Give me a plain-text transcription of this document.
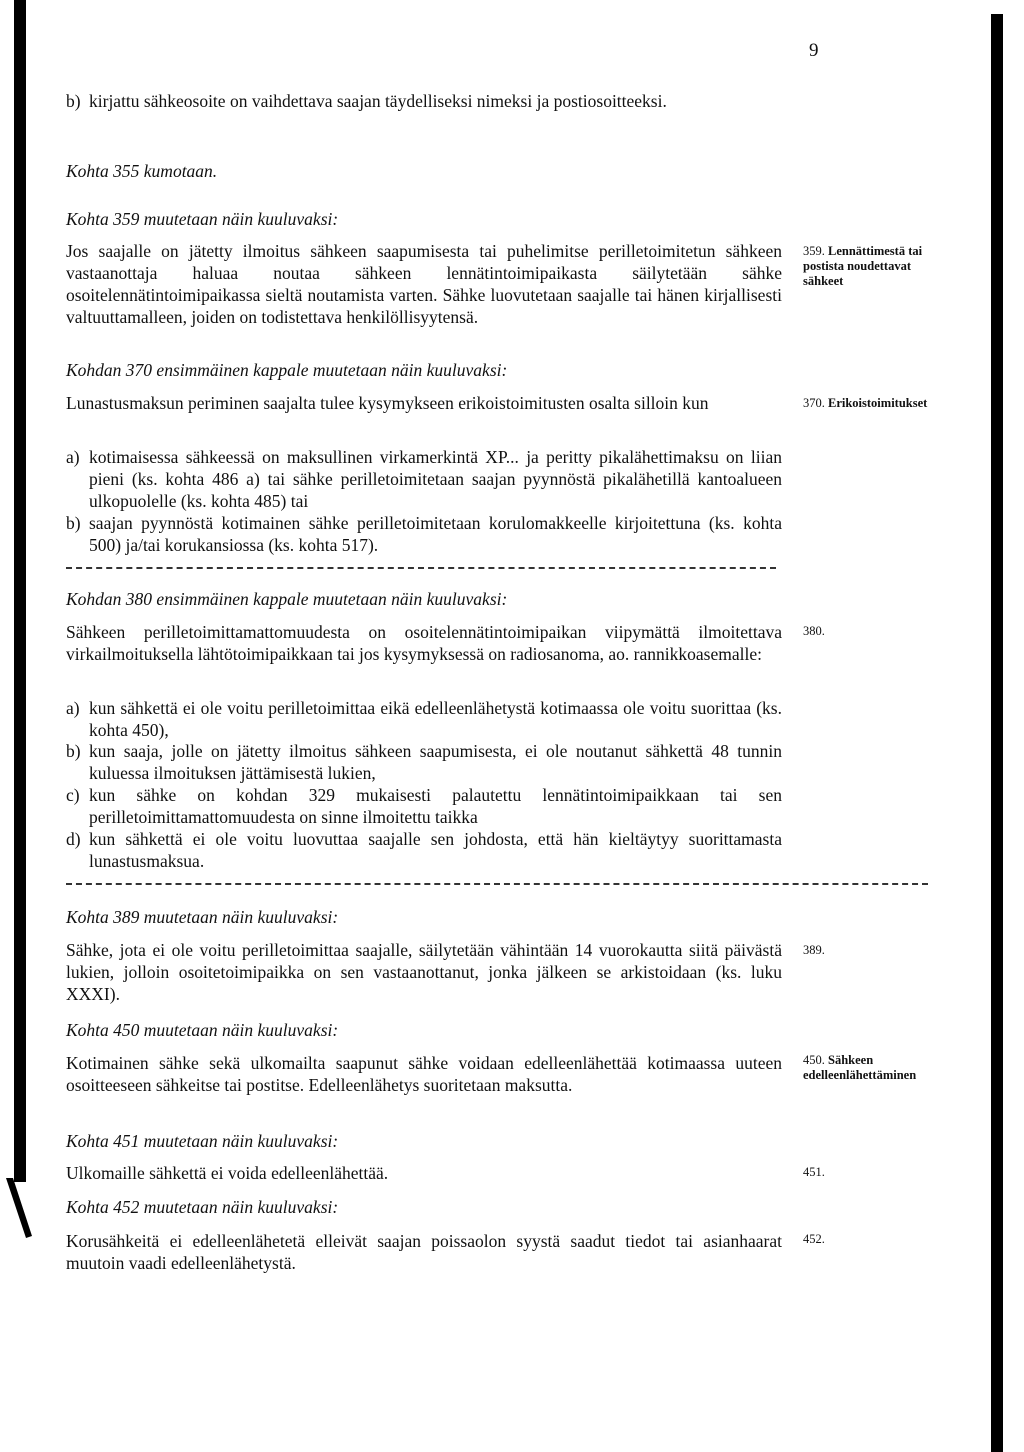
9
b) kirjattu sähkeosoite on vaihdettava saajan täydelliseksi nimeksi ja postiosoitteeksi.

Kohta 355 kumotaan.

Kohta 359 muutetaan näin kuuluvaksi:

Jos saajalle on jätetty ilmoitus sähkeen saapumisesta tai puhelimitse perilletoimitetun sähkeen vastaanottaja haluaa noutaa sähkeen lennätintoimipaikasta säilytetään sähke osoitelennätintoimipaikassa sieltä noutamista varten. Sähke luovutetaan saajalle tai hänen kirjallisesti valtuuttamalleen, joiden on todistettava henkilöllisyytensä.

359. Lennättimestä tai postista noudettavat sähkeet

Kohdan 370 ensimmäinen kappale muutetaan näin kuuluvaksi:

Lunastusmaksun periminen saajalta tulee kysymykseen erikoistoimitusten osalta silloin kun	370. Erikoistoimitukset
a) kotimaisessa sähkeessä on maksullinen virkamerkintä XP... ja peritty pikalähettimaksu on liian pieni (ks. kohta 486 a) tai sähke perilletoimitetaan saajan pyynnöstä pikalähetillä kantoalueen ulkopuolelle (ks. kohta 485) tai
b) saajan pyynnöstä kotimainen sähke perilletoimitetaan korulomakkeelle kirjoitettuna (ks. kohta 500) ja/tai korukansiossa (ks. kohta 517).

Kohdan 380 ensimmäinen kappale muutetaan näin kuuluvaksi:

Sähkeen perilletoimittamattomuudesta on osoitelennätintoimipaikan viipymättä ilmoitettava virkailmoituksella lähtötoimipaikkaan tai jos kysymyksessä on radiosanoma, ao. rannikkoasemalle:

380.
a) kun sähkettä ei ole voitu perilletoimittaa eikä edelleenlähetystä kotimaassa ole voitu suorittaa (ks. kohta 450),
b) kun saaja, jolle on jätetty ilmoitus sähkeen saapumisesta, ei ole noutanut sähkettä 48 tunnin kuluessa ilmoituksen jättämisestä lukien,
c) kun sähke on kohdan 329 mukaisesti palautettu lennätintoimipaikkaan tai sen perilletoimittamattomuudesta on sinne ilmoitettu taikka
d) kun sähkettä ei ole voitu luovuttaa saajalle sen johdosta, että hän kieltäytyy suorittamasta lunastusmaksua.

Kohta 389 muutetaan näin kuuluvaksi:

Sähke, jota ei ole voitu perilletoimittaa saajalle, säilytetään vähintään 14 vuorokautta siitä päivästä lukien, jolloin osoitetoimipaikka on sen vastaanottanut, jonka jälkeen se arkistoidaan (ks. luku XXXI).

389.

Kohta 450 muutetaan näin kuuluvaksi:

Kotimainen sähke sekä ulkomailta saapunut sähke voidaan edelleenlähettää kotimaassa uuteen osoitteeseen sähkeitse tai postitse. Edelleenlähetys suoritetaan maksutta.

450. Sähkeen edelleenlähettäminen

Kohta 451 muutetaan näin kuuluvaksi:

Ulkomaille sähkettä ei voida edelleenlähettää.	451.

Kohta 452 muutetaan näin kuuluvaksi:

Korusähkeitä ei edelleenlähetetä elleivät saajan poissaolon syystä saadut tiedot tai asianhaarat muutoin vaadi edelleenlähetystä.

452.
